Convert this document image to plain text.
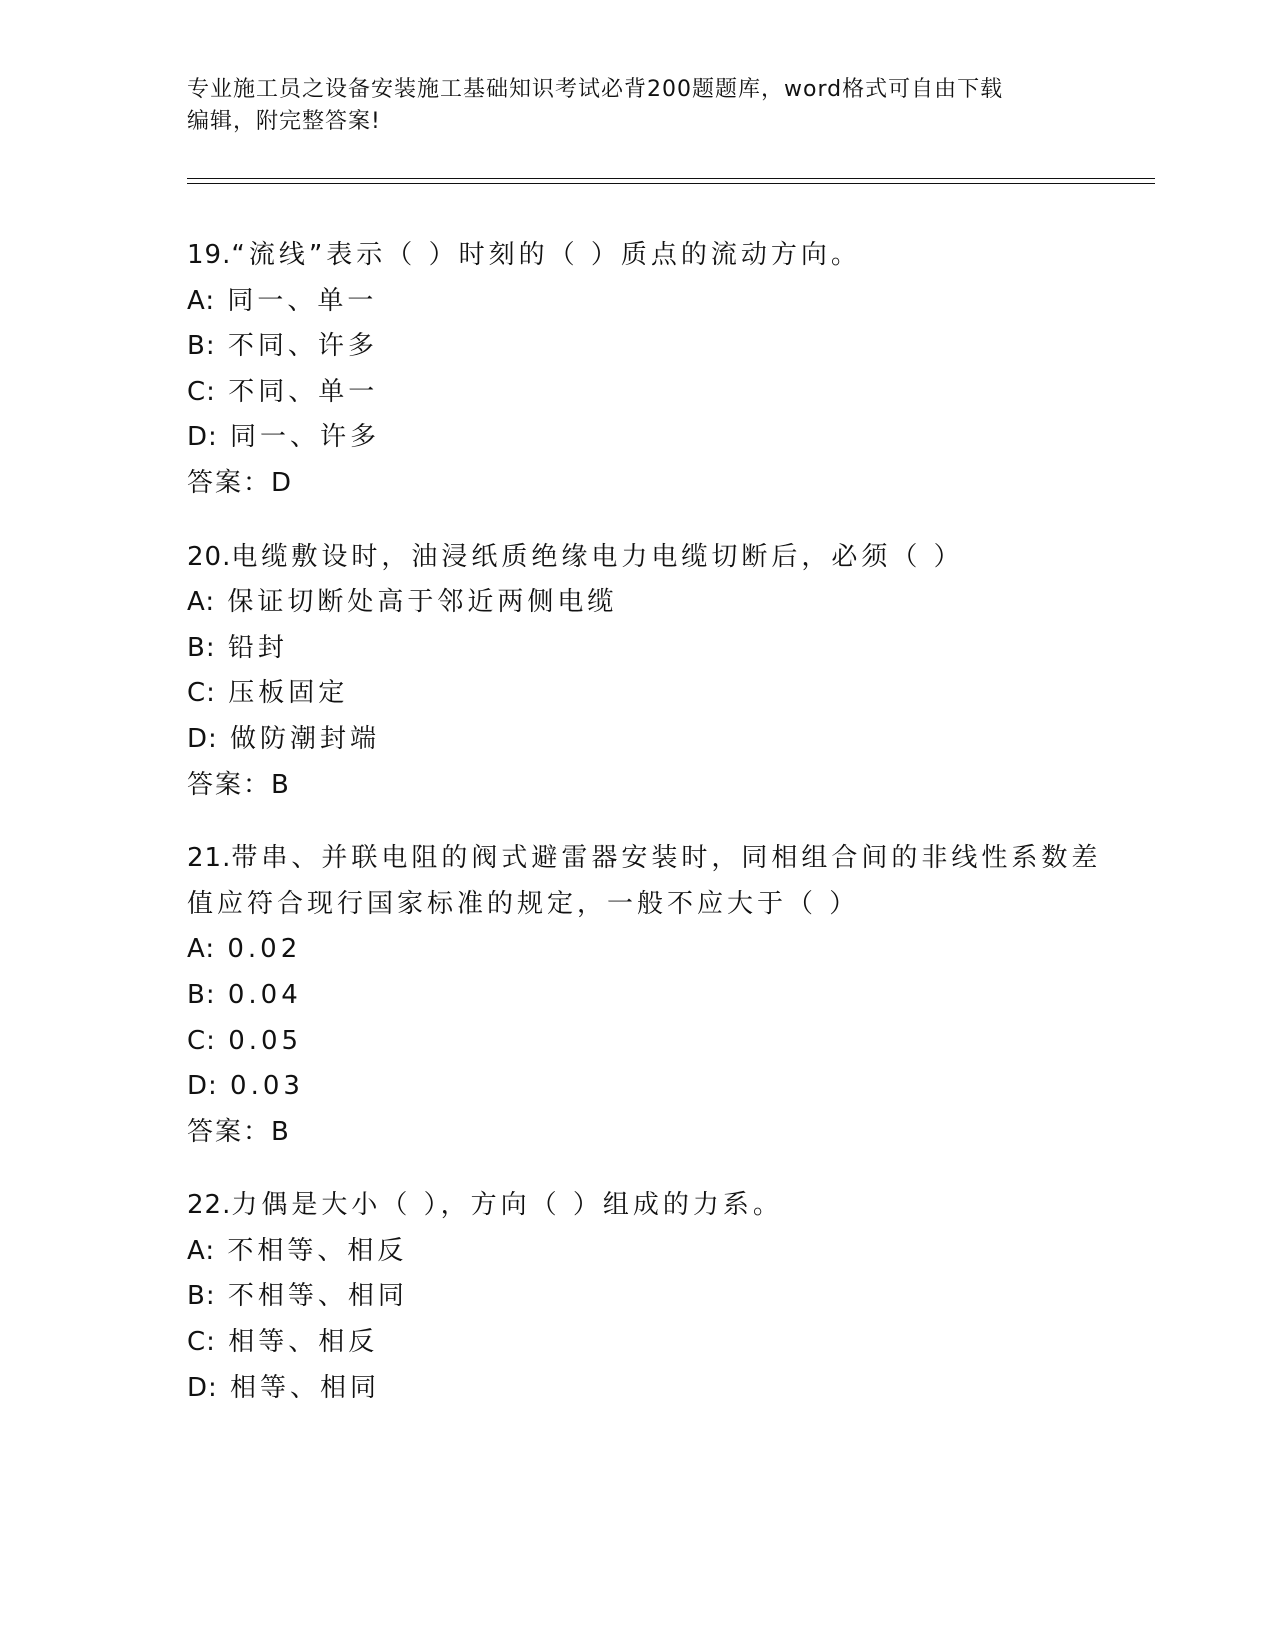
专业施工员之设备安装施工基础知识考试必背200题题库，word格式可自由下载
编辑，附完整答案!
19.“流线”表示（ ）时刻的（ ）质点的流动方向。
A: 同一、单一
B: 不同、许多
C: 不同、单一
D: 同一、许多
答案：D
20.电缆敷设时，油浸纸质绝缘电力电缆切断后，必须（ ）
A: 保证切断处高于邻近两侧电缆
B: 铅封
C: 压板固定
D: 做防潮封端
答案：B
21.带串、并联电阻的阀式避雷器安装时，同相组合间的非线性系数差
值应符合现行国家标准的规定，一般不应大于（ ）
A: 0.02
B: 0.04
C: 0.05
D: 0.03
答案：B
22.力偶是大小（ ），方向（ ）组成的力系。
A: 不相等、相反
B: 不相等、相同
C: 相等、相反
D: 相等、相同
